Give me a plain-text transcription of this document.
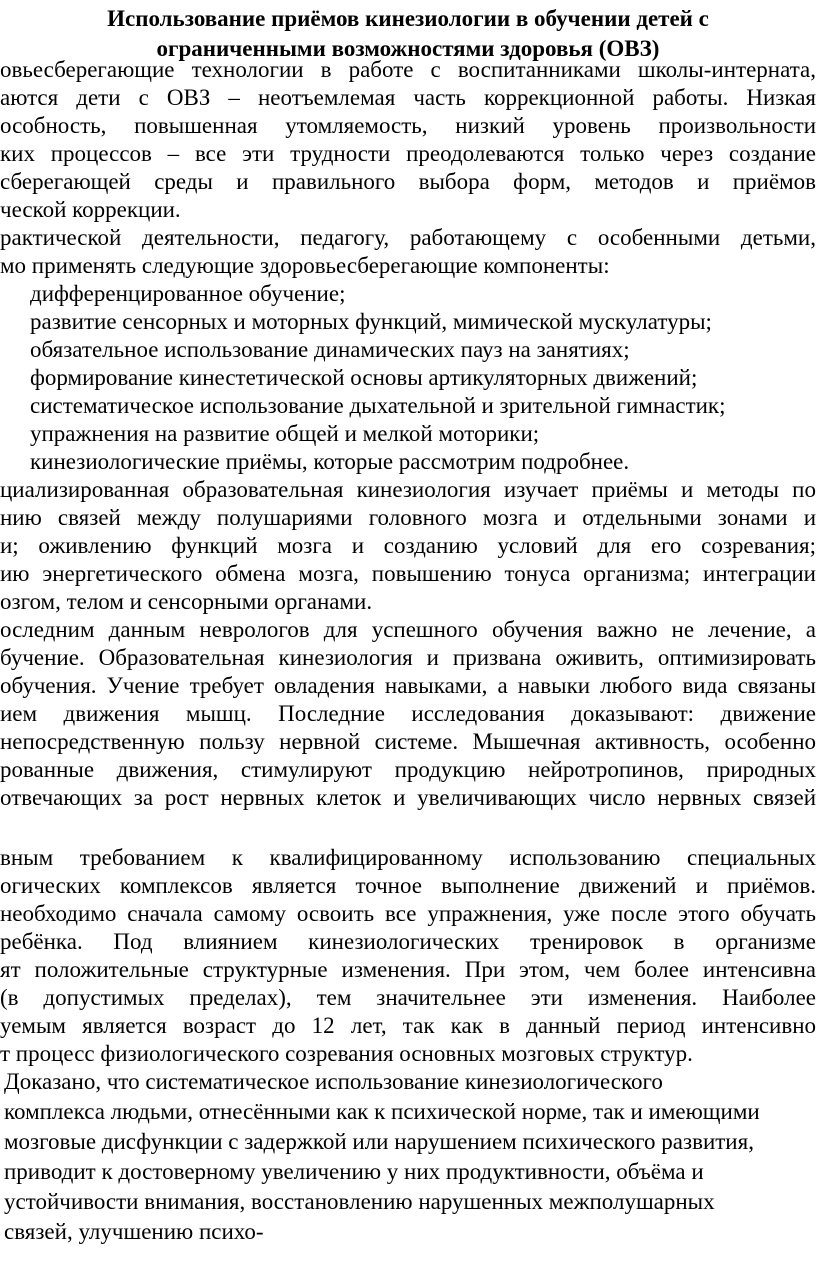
Использование приёмов кинезиологии в обучении детей с
ограниченными возможностями здоровья (ОВЗ)
овьесберегающие технологии в работе с воспитанниками школы-интерната,
аются дети с ОВЗ – неотъемлемая часть коррекционной работы. Низкая
особность, повышенная утомляемость, низкий уровень произвольности
ких процессов – все эти трудности преодолеваются только через создание
сберегающей среды и правильного выбора форм, методов и приёмов
ческой коррекции.
рактической деятельности, педагогу, работающему с особенными детьми,
мо применять следующие здоровьесберегающие компоненты:
дифференцированное обучение;
развитие сенсорных и моторных функций, мимической мускулатуры;
обязательное использование динамических пауз на занятиях;
формирование кинестетической основы артикуляторных движений;
систематическое использование дыхательной и зрительной гимнастик;
упражнения на развитие общей и мелкой моторики;
кинезиологические приёмы, которые рассмотрим подробнее.
циализированная образовательная кинезиология изучает приёмы и методы по
нию связей между полушариями головного мозга и отдельными зонами и
и; оживлению функций мозга и созданию условий для его созревания;
ию энергетического обмена мозга, повышению тонуса организма; интеграции
озгом, телом и сенсорными органами.
оследним данным неврологов для успешного обучения важно не лечение, а
бучение. Образовательная кинезиология и призвана оживить, оптимизировать
обучения. Учение требует овладения навыками, а навыки любого вида связаны
ием движения мышц. Последние исследования доказывают: движение
непосредственную пользу нервной системе. Мышечная активность, особенно
рованные движения, стимулируют продукцию нейротропинов, природных
отвечающих за рост нервных клеток и увеличивающих число нервных связей
вным требованием к квалифицированному использованию специальных
огических комплексов является точное выполнение движений и приёмов.
необходимо сначала самому освоить все упражнения, уже после этого обучать
ребёнка. Под влиянием кинезиологических тренировок в организме
ят положительные структурные изменения. При этом, чем более интенсивна
(в допустимых пределах), тем значительнее эти изменения. Наиболее
уемым является возраст до 12 лет, так как в данный период интенсивно
т процесс физиологического созревания основных мозговых структур.
Доказано, что систематическое использование кинезиологического
комплекса людьми, отнесёнными как к психической норме, так и имеющими
мозговые дисфункции с задержкой или нарушением психического развития,
приводит к достоверному увеличению у них продуктивности, объёма и
устойчивости внимания, восстановлению нарушенных межполушарных
связей, улучшению психо-
